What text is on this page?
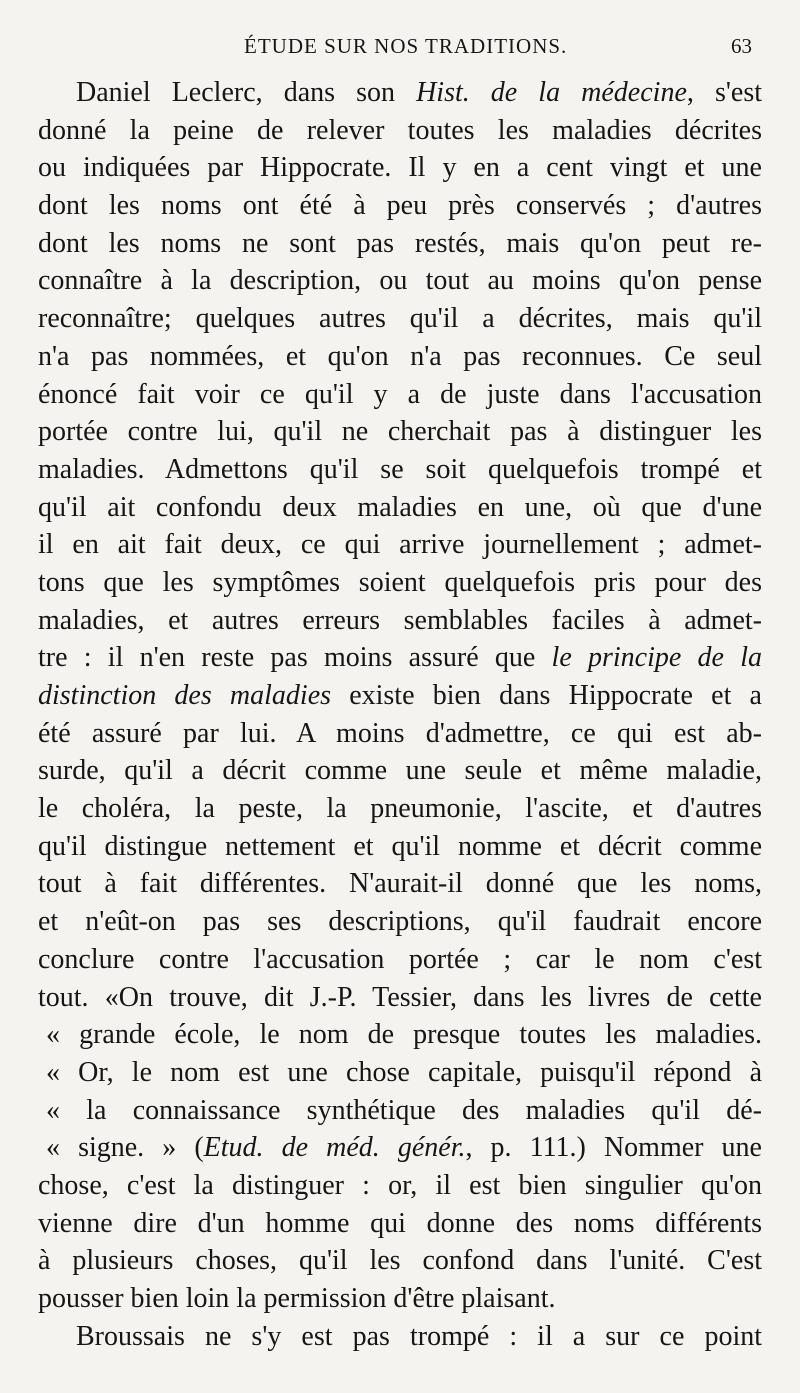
ÉTUDE SUR NOS TRADITIONS.	63
Daniel Leclerc, dans son Hist. de la médecine, s'est
donné la peine de relever toutes les maladies décrites
ou indiquées par Hippocrate. Il y en a cent vingt et une
dont les noms ont été à peu près conservés ; d'autres
dont les noms ne sont pas restés, mais qu'on peut re-
connaître à la description, ou tout au moins qu'on pense
reconnaître; quelques autres qu'il a décrites, mais qu'il
n'a pas nommées, et qu'on n'a pas reconnues. Ce seul
énoncé fait voir ce qu'il y a de juste dans l'accusation
portée contre lui, qu'il ne cherchait pas à distinguer les
maladies. Admettons qu'il se soit quelquefois trompé et
qu'il ait confondu deux maladies en une, où que d'une
il en ait fait deux, ce qui arrive journellement ; admet-
tons que les symptômes soient quelquefois pris pour des
maladies, et autres erreurs semblables faciles à admet-
tre : il n'en reste pas moins assuré que le principe de la
distinction des maladies existe bien dans Hippocrate et a
été assuré par lui. A moins d'admettre, ce qui est ab-
surde, qu'il a décrit comme une seule et même maladie,
le choléra, la peste, la pneumonie, l'ascite, et d'autres
qu'il distingue nettement et qu'il nomme et décrit comme
tout à fait différentes. N'aurait-il donné que les noms,
et n'eût-on pas ses descriptions, qu'il faudrait encore
conclure contre l'accusation portée ; car le nom c'est
tout. «On trouve, dit J.-P. Tessier, dans les livres de cette
« grande école, le nom de presque toutes les maladies.
« Or, le nom est une chose capitale, puisqu'il répond à
« la connaissance synthétique des maladies qu'il dé-
« signe. » (Etud. de méd. génér., p. 111.) Nommer une
chose, c'est la distinguer : or, il est bien singulier qu'on
vienne dire d'un homme qui donne des noms différents
à plusieurs choses, qu'il les confond dans l'unité. C'est
pousser bien loin la permission d'être plaisant.
Broussais ne s'y est pas trompé : il a sur ce point
